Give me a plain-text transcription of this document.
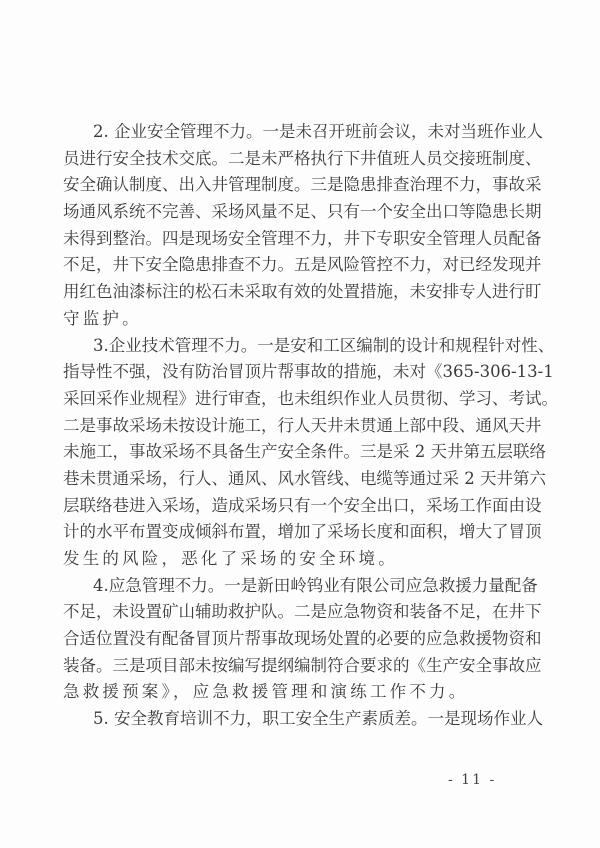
2. 企业安全管理不力。一是未召开班前会议，未对当班作业人
员进行安全技术交底。二是未严格执行下井值班人员交接班制度、
安全确认制度、出入井管理制度。三是隐患排查治理不力，事故采
场通风系统不完善、采场风量不足、只有一个安全出口等隐患长期
未得到整治。四是现场安全管理不力，井下专职安全管理人员配备
不足，井下安全隐患排查不力。五是风险管控不力，对已经发现并
用红色油漆标注的松石未采取有效的处置措施，未安排专人进行盯
守监护。
3.企业技术管理不力。一是安和工区编制的设计和规程针对性、
指导性不强，没有防治冒顶片帮事故的措施，未对《365-306-13-1
采回采作业规程》进行审查，也未组织作业人员贯彻、学习、考试。
二是事故采场未按设计施工，行人天井未贯通上部中段、通风天井
未施工，事故采场不具备生产安全条件。三是采 2 天井第五层联络
巷未贯通采场，行人、通风、风水管线、电缆等通过采 2 天井第六
层联络巷进入采场，造成采场只有一个安全出口，采场工作面由设
计的水平布置变成倾斜布置，增加了采场长度和面积，增大了冒顶
发生的风险，恶化了采场的安全环境。
4.应急管理不力。一是新田岭钨业有限公司应急救援力量配备
不足，未设置矿山辅助救护队。二是应急物资和装备不足，在井下
合适位置没有配备冒顶片帮事故现场处置的必要的应急救援物资和
装备。三是项目部未按编写提纲编制符合要求的《生产安全事故应
急救援预案》，应急救援管理和演练工作不力。
5. 安全教育培训不力，职工安全生产素质差。一是现场作业人
- 11 -
